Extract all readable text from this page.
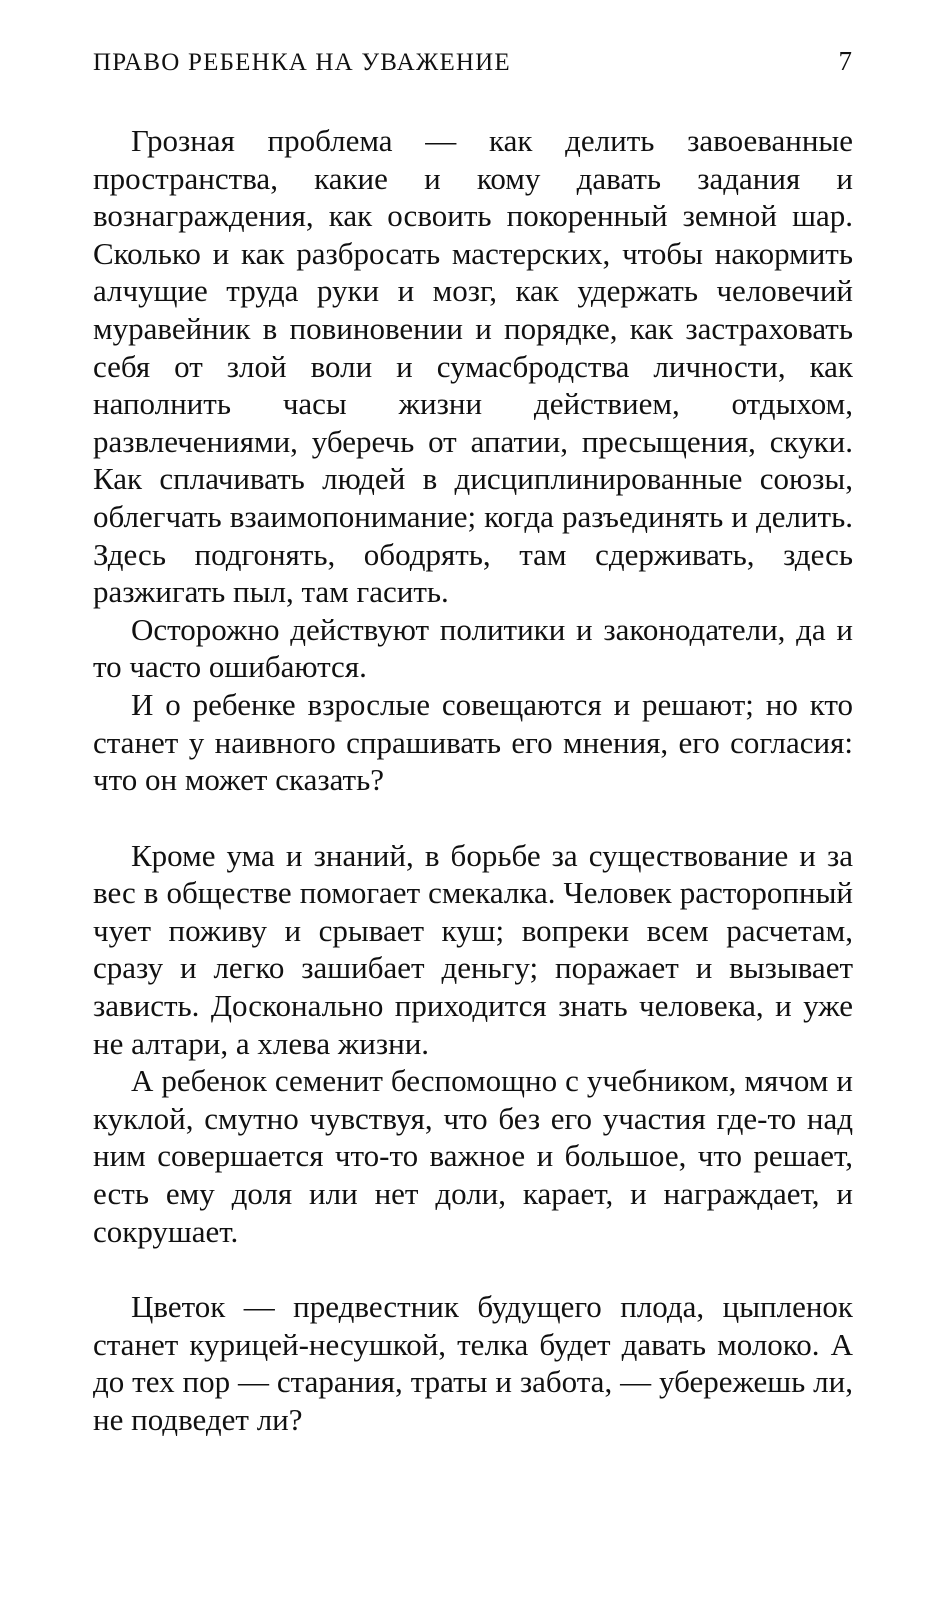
ПРАВО РЕБЕНКА НА УВАЖЕНИЕ	7

Грозная проблема — как делить завоеванные пространства, какие и кому давать задания и вознаграждения, как освоить покоренный земной шар. Сколько и как разбросать мастерских, чтобы накормить алчущие труда руки и мозг, как удержать человечий муравейник в повиновении и порядке, как застраховать себя от злой воли и сумасбродства личности, как наполнить часы жизни действием, отдыхом, развлечениями, уберечь от апатии, пресыщения, скуки. Как сплачивать людей в дисциплинированные союзы, облегчать взаимопонимание; когда разъединять и делить. Здесь подгонять, ободрять, там сдерживать, здесь разжигать пыл, там гасить.

Осторожно действуют политики и законодатели, да и то часто ошибаются.

И о ребенке взрослые совещаются и решают; но кто станет у наивного спрашивать его мнения, его согласия: что он может сказать?

Кроме ума и знаний, в борьбе за существование и за вес в обществе помогает смекалка. Человек расторопный чует поживу и срывает куш; вопреки всем расчетам, сразу и легко зашибает деньгу; поражает и вызывает зависть. Досконально приходится знать человека, и уже не алтари, а хлева жизни.

А ребенок семенит беспомощно с учебником, мячом и куклой, смутно чувствуя, что без его участия где-то над ним совершается что-то важное и большое, что решает, есть ему доля или нет доли, карает, и награждает, и сокрушает.

Цветок — предвестник будущего плода, цыпленок станет курицей-несушкой, телка будет давать молоко. А до тех пор — старания, траты и забота, — убережешь ли, не подведет ли?
